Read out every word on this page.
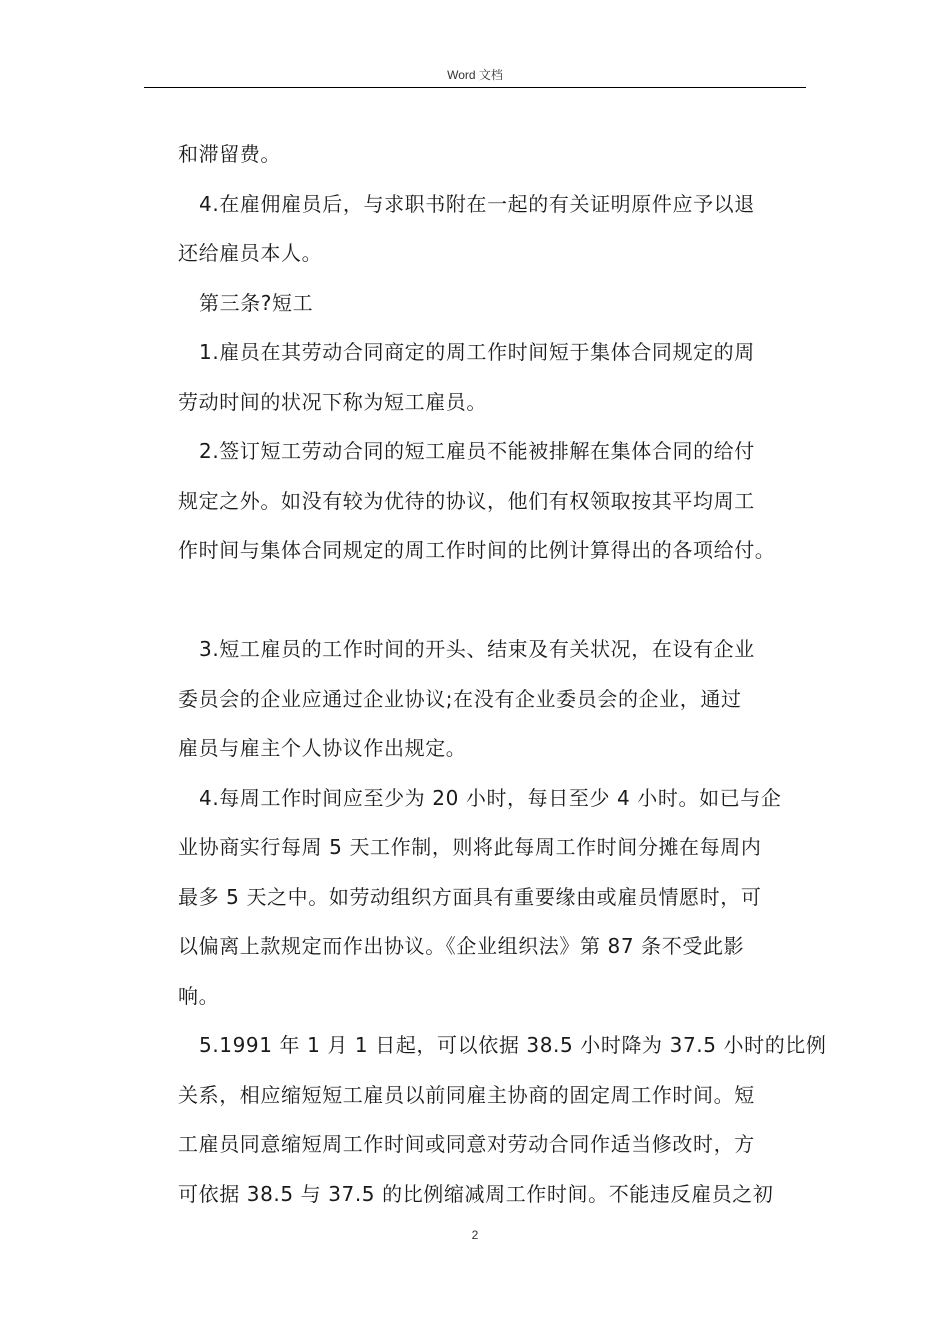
Word 文档
和滞留费。
4.在雇佣雇员后，与求职书附在一起的有关证明原件应予以退
还给雇员本人。
第三条?短工
1.雇员在其劳动合同商定的周工作时间短于集体合同规定的周
劳动时间的状况下称为短工雇员。
2.签订短工劳动合同的短工雇员不能被排解在集体合同的给付
规定之外。如没有较为优待的协议，他们有权领取按其平均周工
作时间与集体合同规定的周工作时间的比例计算得出的各项给付。
3.短工雇员的工作时间的开头、结束及有关状况，在设有企业
委员会的企业应通过企业协议;在没有企业委员会的企业，通过
雇员与雇主个人协议作出规定。
4.每周工作时间应至少为 20 小时，每日至少 4 小时。如已与企
业协商实行每周 5 天工作制，则将此每周工作时间分摊在每周内
最多 5 天之中。如劳动组织方面具有重要缘由或雇员情愿时，可
以偏离上款规定而作出协议。《企业组织法》第 87 条不受此影
响。
5.1991 年 1 月 1 日起，可以依据 38.5 小时降为 37.5 小时的比例
关系，相应缩短短工雇员以前同雇主协商的固定周工作时间。短
工雇员同意缩短周工作时间或同意对劳动合同作适当修改时，方
可依据 38.5 与 37.5 的比例缩减周工作时间。不能违反雇员之初
2
